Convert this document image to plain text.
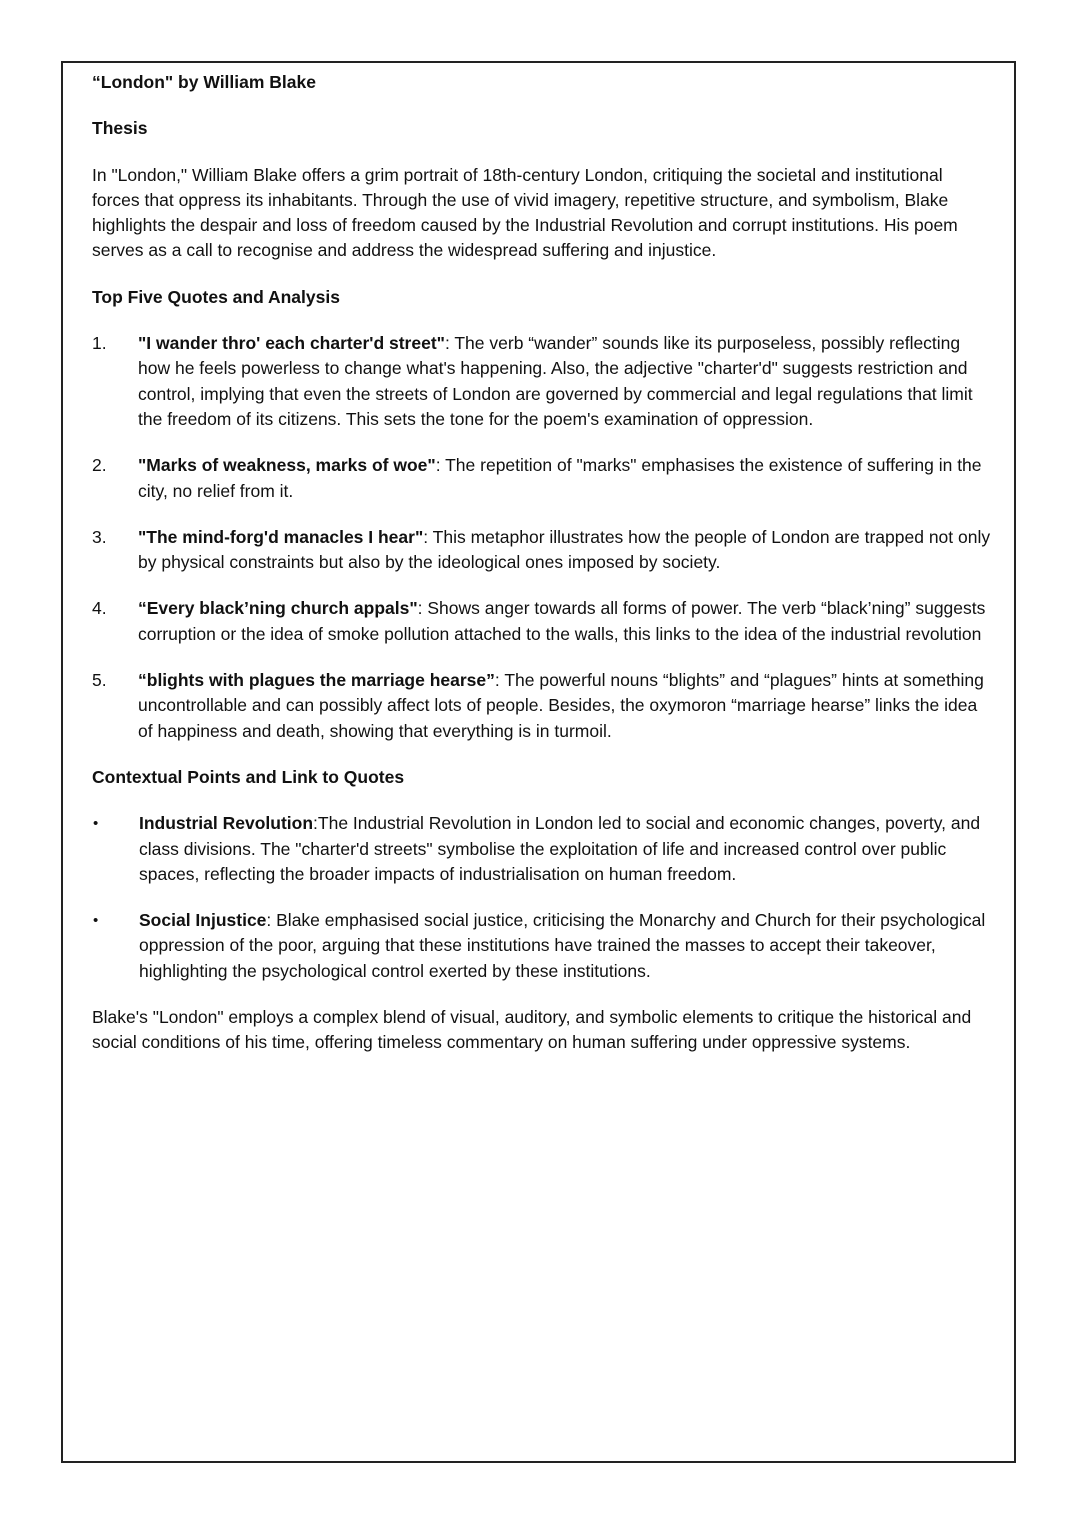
“London" by William Blake
Thesis
In "London," William Blake offers a grim portrait of 18th-century London, critiquing the societal and institutional forces that oppress its inhabitants. Through the use of vivid imagery, repetitive structure, and symbolism, Blake highlights the despair and loss of freedom caused by the Industrial Revolution and corrupt institutions. His poem serves as a call to recognise and address the widespread suffering and injustice.
Top Five Quotes and Analysis
1.	"I wander thro' each charter'd street": The verb “wander” sounds like its purposeless, possibly reflecting how he feels powerless to change what's happening. Also, the adjective "charter'd" suggests restriction and control, implying that even the streets of London are governed by commercial and legal regulations that limit the freedom of its citizens. This sets the tone for the poem's examination of oppression.
2.	"Marks of weakness, marks of woe": The repetition of "marks" emphasises the existence of suffering in the city, no relief from it.
3.	"The mind-forg'd manacles I hear": This metaphor illustrates how the people of London are trapped not only by physical constraints but also by the ideological ones imposed by society.
4.	“Every black’ning church appals": Shows anger towards all forms of power. The verb “black’ning” suggests corruption or the idea of smoke pollution attached to the walls, this links to the idea of the industrial revolution
5.	“blights with plagues the marriage hearse”: The powerful nouns “blights” and “plagues” hints at something uncontrollable and can possibly affect lots of people. Besides, the oxymoron “marriage hearse” links the idea of happiness and death, showing that everything is in turmoil.
Contextual Points and Link to Quotes
•	Industrial Revolution:The Industrial Revolution in London led to social and economic changes, poverty, and class divisions. The "charter'd streets" symbolise the exploitation of life and increased control over public spaces, reflecting the broader impacts of industrialisation on human freedom.
•	Social Injustice: Blake emphasised social justice, criticising the Monarchy and Church for their psychological oppression of the poor, arguing that these institutions have trained the masses to accept their takeover, highlighting the psychological control exerted by these institutions.
Blake's "London" employs a complex blend of visual, auditory, and symbolic elements to critique the historical and social conditions of his time, offering timeless commentary on human suffering under oppressive systems.
